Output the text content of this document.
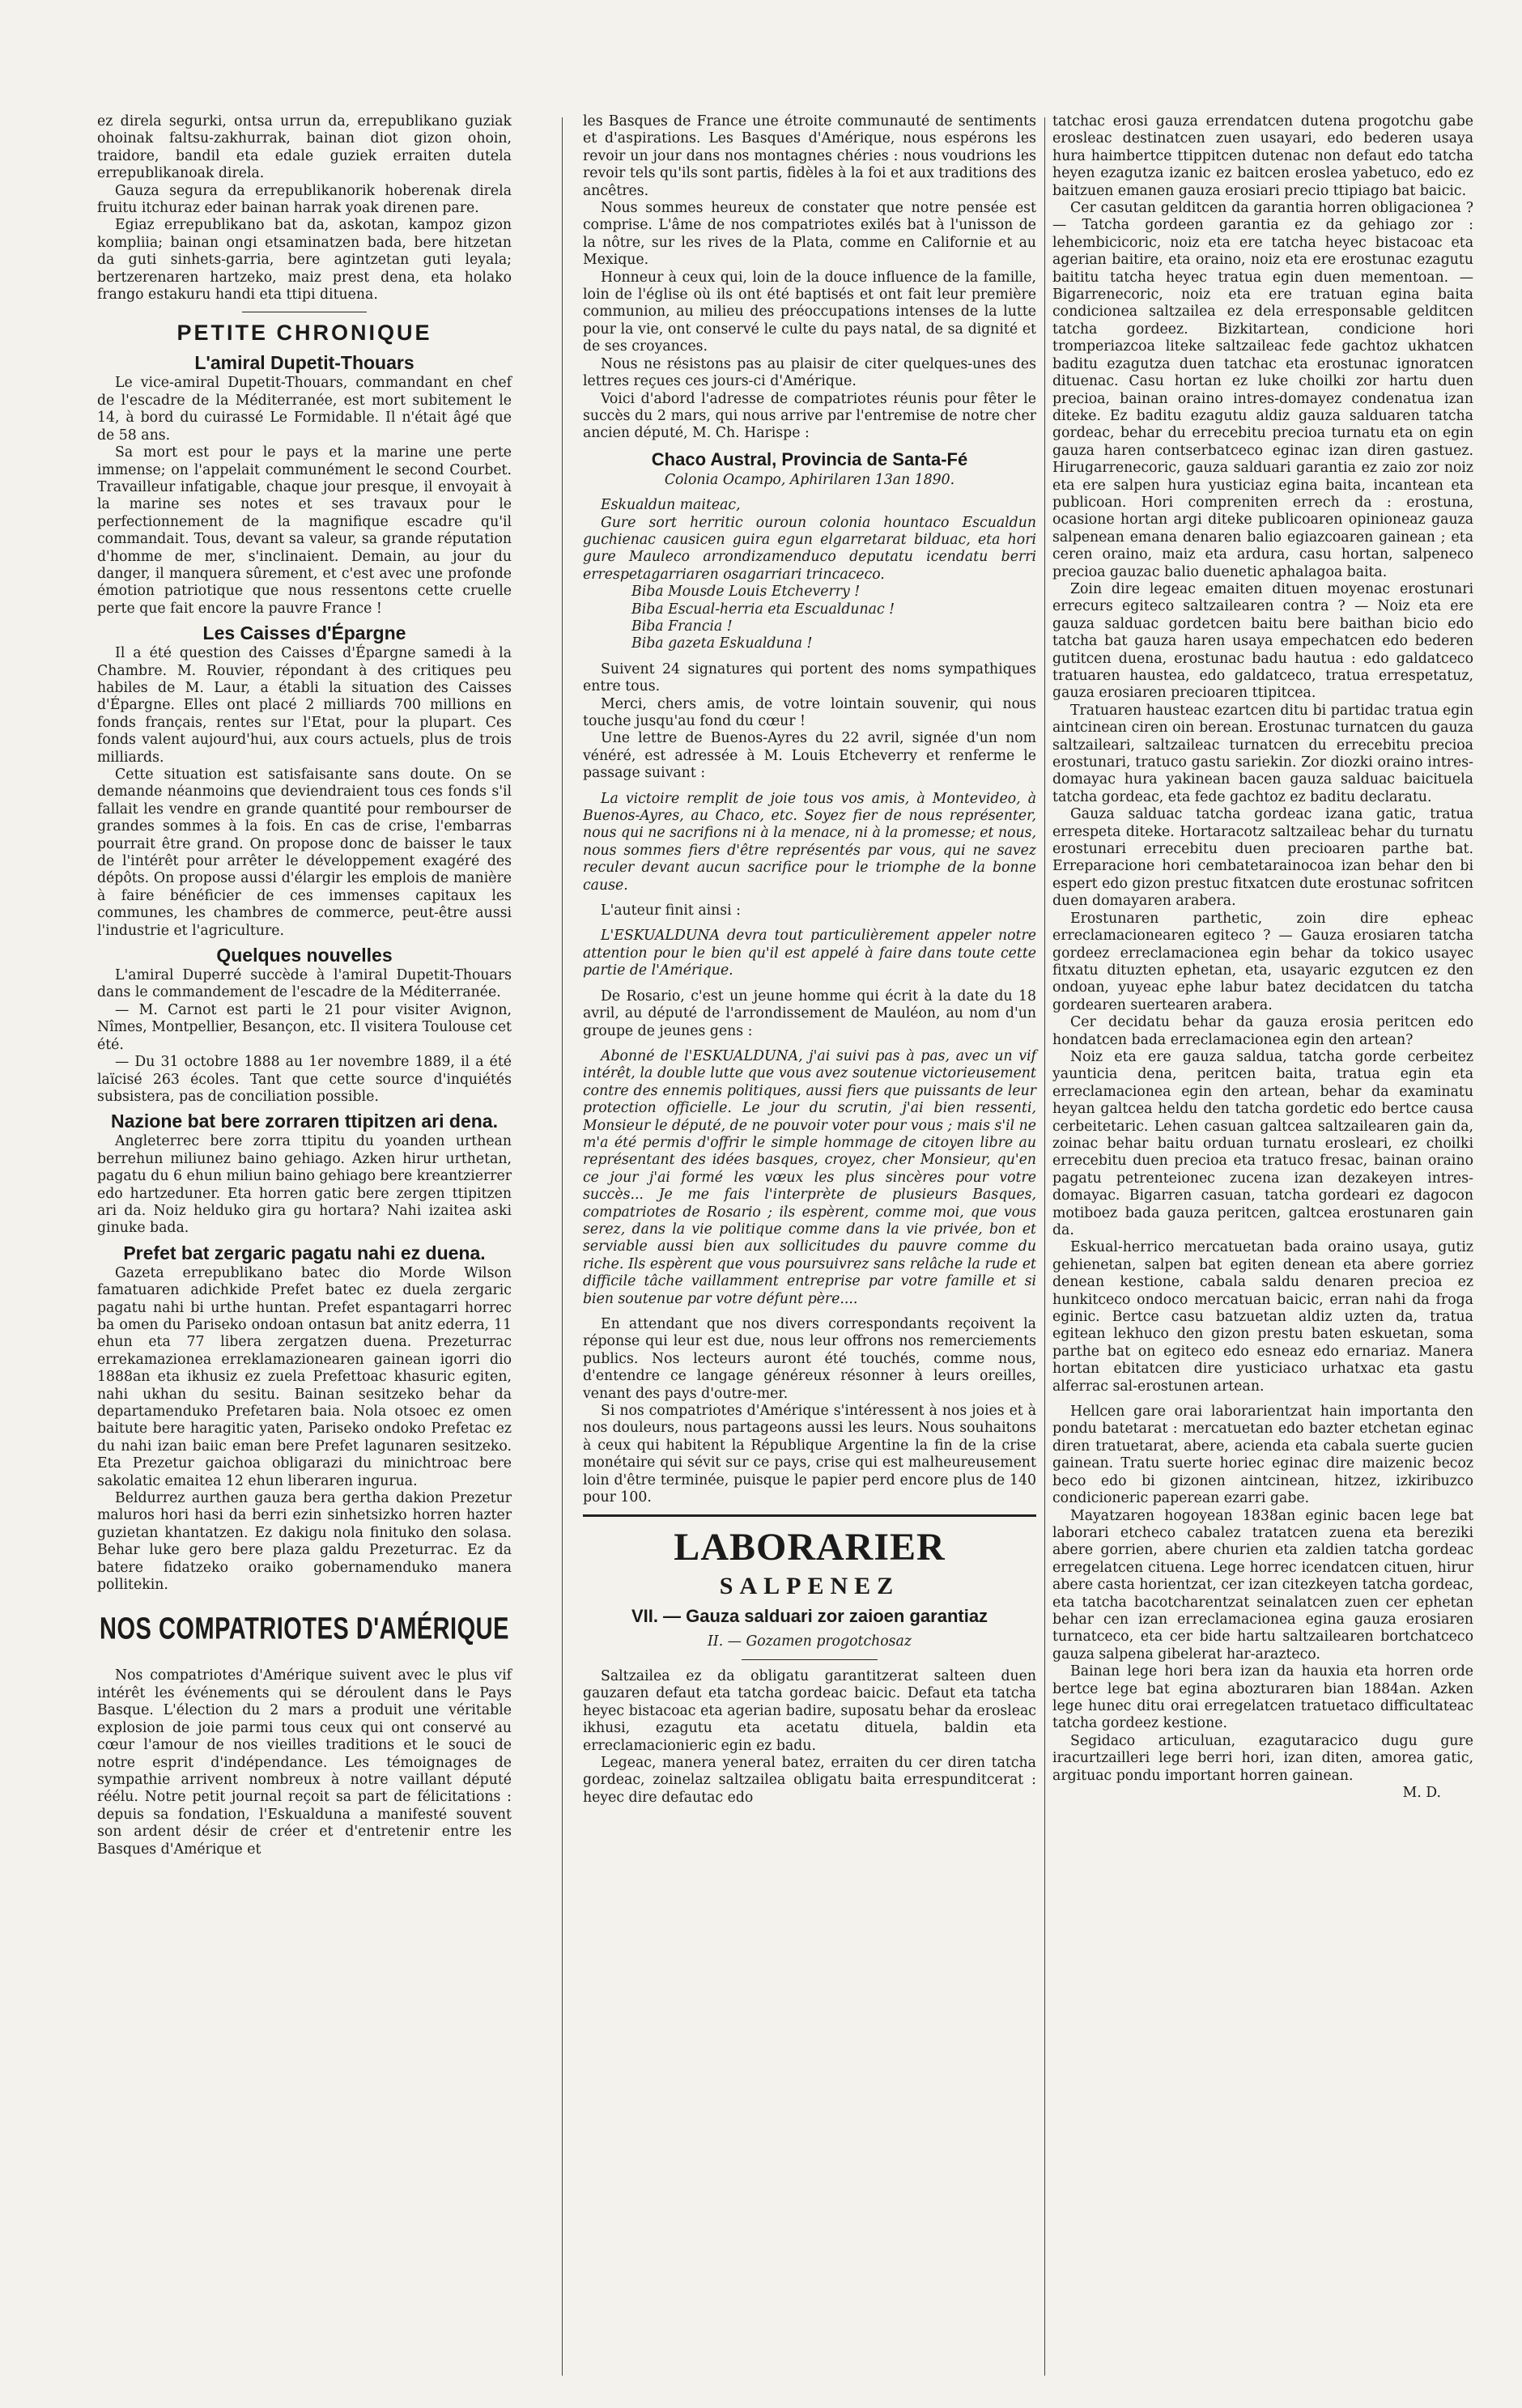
ez direla segurki, ontsa urrun da, errepublikano guziak ohoinak faltsu-zakhurrak, bainan diot gizon ohoin, traidore, bandil eta edale guziek erraiten dutela errepublikanoak direla.

Gauza segura da errepublikanorik hoberenak direla fruitu itchuraz eder bainan harrak yoak direnen pare.

Egiaz errepublikano bat da, askotan, kampoz gizon kompliia; bainan ongi etsaminatzen bada, bere hitzetan da guti sinhets-garria, bere agintzetan guti leyala; bertzerenaren hartzeko, maiz prest dena, eta holako frango estakuru handi eta ttipi dituena.

PETITE CHRONIQUE
L'amiral Dupetit-Thouars

Le vice-amiral Dupetit-Thouars, commandant en chef de l'escadre de la Méditerranée, est mort subitement le 14, à bord du cuirassé Le Formidable. Il n'était âgé que de 58 ans.

Sa mort est pour le pays et la marine une perte immense; on l'appelait communément le second Courbet. Travailleur infatigable, chaque jour presque, il envoyait à la marine ses notes et ses travaux pour le perfectionnement de la magnifique escadre qu'il commandait. Tous, devant sa valeur, sa grande réputation d'homme de mer, s'inclinaient. Demain, au jour du danger, il manquera sûrement, et c'est avec une profonde émotion patriotique que nous ressentons cette cruelle perte que fait encore la pauvre France !

Les Caisses d'Épargne

Il a été question des Caisses d'Épargne samedi à la Chambre. M. Rouvier, répondant à des critiques peu habiles de M. Laur, a établi la situation des Caisses d'Épargne. Elles ont placé 2 milliards 700 millions en fonds français, rentes sur l'Etat, pour la plupart. Ces fonds valent aujourd'hui, aux cours actuels, plus de trois milliards.

Cette situation est satisfaisante sans doute. On se demande néanmoins que deviendraient tous ces fonds s'il fallait les vendre en grande quantité pour rembourser de grandes sommes à la fois. En cas de crise, l'embarras pourrait être grand. On propose donc de baisser le taux de l'intérêt pour arrêter le développement exagéré des dépôts. On propose aussi d'élargir les emplois de manière à faire bénéficier de ces immenses capitaux les communes, les chambres de commerce, peut-être aussi l'industrie et l'agriculture.

Quelques nouvelles

L'amiral Duperré succède à l'amiral Dupetit-Thouars dans le commandement de l'escadre de la Méditerranée.

— M. Carnot est parti le 21 pour visiter Avignon, Nîmes, Montpellier, Besançon, etc. Il visitera Toulouse cet été.

— Du 31 octobre 1888 au 1er novembre 1889, il a été laïcisé 263 écoles. Tant que cette source d'inquiétés subsistera, pas de conciliation possible.

Nazione bat bere zorraren ttipitzen ari dena.

Angleterrec bere zorra ttipitu du yoanden urthean berrehun miliunez baino gehiago. Azken hirur urthetan, pagatu du 6 ehun miliun baino gehiago bere kreantzierrer edo hartzeduner. Eta horren gatic bere zergen ttipitzen ari da. Noiz helduko gira gu hortara? Nahi izaitea aski ginuke bada.

Prefet bat zergaric pagatu nahi ez duena.

Gazeta errepublikano batec dio Morde Wilson famatuaren adichkide Prefet batec ez duela zergaric pagatu nahi bi urthe huntan. Prefet espantagarri horrec ba omen du Pariseko ondoan ontasun bat anitz ederra, 11 ehun eta 77 libera zergatzen duena. Prezeturrac errekamazionea erreklamazionearen gainean igorri dio 1888an eta ikhusiz ez zuela Prefettoac khasuric egiten, nahi ukhan du sesitu. Bainan sesitzeko behar da departamenduko Prefetaren baia. Nola otsoec ez omen baitute bere haragitic yaten, Pariseko ondoko Prefetac ez du nahi izan baiic eman bere Prefet lagunaren sesitzeko. Eta Prezetur gaichoa obligarazi du minichtroac bere sakolatic emaitea 12 ehun liberaren ingurua.

Beldurrez aurthen gauza bera gertha dakion Prezetur maluros hori hasi da berri ezin sinhetsizko horren hazter guzietan khantatzen. Ez dakigu nola finituko den solasa. Behar luke gero bere plaza galdu Prezeturrac. Ez da batere fidatzeko oraiko gobernamenduko manera pollitekin.

NOS COMPATRIOTES D'AMÉRIQUE

Nos compatriotes d'Amérique suivent avec le plus vif intérêt les événements qui se déroulent dans le Pays Basque. L'élection du 2 mars a produit une véritable explosion de joie parmi tous ceux qui ont conservé au cœur l'amour de nos vieilles traditions et le souci de notre esprit d'indépendance. Les témoignages de sympathie arrivent nombreux à notre vaillant député réélu. Notre petit journal reçoit sa part de félicitations : depuis sa fondation, l'Eskualduna a manifesté souvent son ardent désir de créer et d'entretenir entre les Basques d'Amérique et

les Basques de France une étroite communauté de sentiments et d'aspirations. Les Basques d'Amérique, nous espérons les revoir un jour dans nos montagnes chéries : nous voudrions les revoir tels qu'ils sont partis, fidèles à la foi et aux traditions des ancêtres.

Nous sommes heureux de constater que notre pensée est comprise. L'âme de nos compatriotes exilés bat à l'unisson de la nôtre, sur les rives de la Plata, comme en Californie et au Mexique.

Honneur à ceux qui, loin de la douce influence de la famille, loin de l'église où ils ont été baptisés et ont fait leur première communion, au milieu des préoccupations intenses de la lutte pour la vie, ont conservé le culte du pays natal, de sa dignité et de ses croyances.

Nous ne résistons pas au plaisir de citer quelques-unes des lettres reçues ces jours-ci d'Amérique.

Voici d'abord l'adresse de compatriotes réunis pour fêter le succès du 2 mars, qui nous arrive par l'entremise de notre cher ancien député, M. Ch. Harispe :

Chaco Austral, Provincia de Santa-Fé

Colonia Ocampo, Aphirilaren 13an 1890.

Eskualdun maiteac,

Gure sort herritic ouroun colonia hountaco Escualdun guchienac causicen guira egun elgarretarat bilduac, eta hori gure Mauleco arrondizamenduco deputatu icendatu berri errespetagarriaren osagarriari trincaceco.

Biba Mousde Louis Etcheverry !

Biba Escual-herria eta Escualdunac !

Biba Francia !

Biba gazeta Eskualduna !

Suivent 24 signatures qui portent des noms sympathiques entre tous.

Merci, chers amis, de votre lointain souvenir, qui nous touche jusqu'au fond du cœur !

Une lettre de Buenos-Ayres du 22 avril, signée d'un nom vénéré, est adressée à M. Louis Etcheverry et renferme le passage suivant :

La victoire remplit de joie tous vos amis, à Montevideo, à Buenos-Ayres, au Chaco, etc. Soyez fier de nous représenter, nous qui ne sacrifions ni à la menace, ni à la promesse; et nous, nous sommes fiers d'être représentés par vous, qui ne savez reculer devant aucun sacrifice pour le triomphe de la bonne cause.

L'auteur finit ainsi :

L'ESKUALDUNA devra tout particulièrement appeler notre attention pour le bien qu'il est appelé à faire dans toute cette partie de l'Amérique.

De Rosario, c'est un jeune homme qui écrit à la date du 18 avril, au député de l'arrondissement de Mauléon, au nom d'un groupe de jeunes gens :

Abonné de l'ESKUALDUNA, j'ai suivi pas à pas, avec un vif intérêt, la double lutte que vous avez soutenue victorieusement contre des ennemis politiques, aussi fiers que puissants de leur protection officielle. Le jour du scrutin, j'ai bien ressenti, Monsieur le député, de ne pouvoir voter pour vous ; mais s'il ne m'a été permis d'offrir le simple hommage de citoyen libre au représentant des idées basques, croyez, cher Monsieur, qu'en ce jour j'ai formé les vœux les plus sincères pour votre succès... Je me fais l'interprète de plusieurs Basques, compatriotes de Rosario ; ils espèrent, comme moi, que vous serez, dans la vie politique comme dans la vie privée, bon et serviable aussi bien aux sollicitudes du pauvre comme du riche. Ils espèrent que vous poursuivrez sans relâche la rude et difficile tâche vaillamment entreprise par votre famille et si bien soutenue par votre défunt père....

En attendant que nos divers correspondants reçoivent la réponse qui leur est due, nous leur offrons nos remerciements publics. Nos lecteurs auront été touchés, comme nous, d'entendre ce langage généreux résonner à leurs oreilles, venant des pays d'outre-mer.

Si nos compatriotes d'Amérique s'intéressent à nos joies et à nos douleurs, nous partageons aussi les leurs. Nous souhaitons à ceux qui habitent la République Argentine la fin de la crise monétaire qui sévit sur ce pays, crise qui est malheureusement loin d'être terminée, puisque le papier perd encore plus de 140 pour 100.

LABORARIER
SALPENEZ
VII. — Gauza salduari zor zaioen garantiaz

II. — Gozamen progotchosaz

Saltzailea ez da obligatu garantitzerat salteen duen gauzaren defaut eta tatcha gordeac baicic. Defaut eta tatcha heyec bistacoac eta agerian badire, suposatu behar da erosleac ikhusi, ezagutu eta acetatu dituela, baldin eta erreclamacionieric egin ez badu.

Legeac, manera yeneral batez, erraiten du cer diren tatcha gordeac, zoinelaz saltzailea obligatu baita errespunditcerat : heyec dire defautac edo

tatchac erosi gauza errendatcen dutena progotchu gabe erosleac destinatcen zuen usayari, edo bederen usaya hura haimbertce ttippitcen dutenac non defaut edo tatcha heyen ezagutza izanic ez baitcen eroslea yabetuco, edo ez baitzuen emanen gauza erosiari precio ttipiago bat baicic.

Cer casutan gelditcen da garantia horren obligacionea ? — Tatcha gordeen garantia ez da gehiago zor : lehembicicoric, noiz eta ere tatcha heyec bistacoac eta agerian baitire, eta oraino, noiz eta ere erostunac ezagutu baititu tatcha heyec tratua egin duen mementoan. — Bigarrenecoric, noiz eta ere tratuan egina baita condicionea saltzailea ez dela erresponsable gelditcen tatcha gordeez. Bizkitartean, condicione hori tromperiazcoa liteke saltzaileac fede gachtoz ukhatcen baditu ezagutza duen tatchac eta erostunac ignoratcen dituenac. Casu hortan ez luke choilki zor hartu duen precioa, bainan oraino intres-domayez condenatua izan diteke. Ez baditu ezagutu aldiz gauza salduaren tatcha gordeac, behar du errecebitu precioa turnatu eta on egin gauza haren contserbatceco eginac izan diren gastuez. Hirugarrenecoric, gauza salduari garantia ez zaio zor noiz eta ere salpen hura yusticiaz egina baita, incantean eta publicoan. Hori compreniten errech da : erostuna, ocasione hortan argi diteke publicoaren opinioneaz gauza salpenean emana denaren balio egiazcoaren gainean ; eta ceren oraino, maiz eta ardura, casu hortan, salpeneco precioa gauzac balio duenetic aphalagoa baita.

Zoin dire legeac emaiten dituen moyenac erostunari errecurs egiteco saltzailearen contra ? — Noiz eta ere gauza salduac gordetcen baitu bere baithan bicio edo tatcha bat gauza haren usaya empechatcen edo bederen gutitcen duena, erostunac badu hautua : edo galdatceco tratuaren haustea, edo galdatceco, tratua errespetatuz, gauza erosiaren precioaren ttipitcea.

Tratuaren hausteac ezartcen ditu bi partidac tratua egin aintcinean ciren oin berean. Erostunac turnatcen du gauza saltzaileari, saltzaileac turnatcen du errecebitu precioa erostunari, tratuco gastu sariekin. Zor diozki oraino intres-domayac hura yakinean bacen gauza salduac baicituela tatcha gordeac, eta fede gachtoz ez baditu declaratu.

Gauza salduac tatcha gordeac izana gatic, tratua errespeta diteke. Hortaracotz saltzaileac behar du turnatu erostunari errecebitu duen precioaren parthe bat. Erreparacione hori cembatetarainocoa izan behar den bi espert edo gizon prestuc fitxatcen dute erostunac sofritcen duen domayaren arabera.

Erostunaren parthetic, zoin dire epheac erreclamacionearen egiteco ? — Gauza erosiaren tatcha gordeez erreclamacionea egin behar da tokico usayec fitxatu dituzten ephetan, eta, usayaric ezgutcen ez den ondoan, yuyeac ephe labur batez decidatcen du tatcha gordearen suertearen arabera.

Cer decidatu behar da gauza erosia peritcen edo hondatcen bada erreclamacionea egin den artean?

Noiz eta ere gauza saldua, tatcha gorde cerbeitez yaunticia dena, peritcen baita, tratua egin eta erreclamacionea egin den artean, behar da examinatu heyan galtcea heldu den tatcha gordetic edo bertce causa cerbeitetaric. Lehen casuan galtcea saltzailearen gain da, zoinac behar baitu orduan turnatu erosleari, ez choilki errecebitu duen precioa eta tratuco fresac, bainan oraino pagatu petrenteionec zucena izan dezakeyen intres-domayac. Bigarren casuan, tatcha gordeari ez dagocon motiboez bada gauza peritcen, galtcea erostunaren gain da.

Eskual-herrico mercatuetan bada oraino usaya, gutiz gehienetan, salpen bat egiten denean eta abere gorriez denean kestione, cabala saldu denaren precioa ez hunkitceco ondoco mercatuan baicic, erran nahi da froga eginic. Bertce casu batzuetan aldiz uzten da, tratua egitean lekhuco den gizon prestu baten eskuetan, soma parthe bat on egiteco edo esneaz edo ernariaz. Manera hortan ebitatcen dire yusticiaco urhatxac eta gastu alferrac sal-erostunen artean.

Hellcen gare orai laborarientzat hain importanta den pondu batetarat : mercatuetan edo bazter etchetan eginac diren tratuetarat, abere, acienda eta cabala suerte gucien gainean. Tratu suerte horiec eginac dire maizenic becoz beco edo bi gizonen aintcinean, hitzez, izkiribuzco condicioneric paperean ezarri gabe.

Mayatzaren hogoyean 1838an eginic bacen lege bat laborari etcheco cabalez tratatcen zuena eta bereziki abere gorrien, abere churien eta zaldien tatcha gordeac erregelatcen cituena. Lege horrec icendatcen cituen, hirur abere casta horientzat, cer izan citezkeyen tatcha gordeac, eta tatcha bacotcharentzat seinalatcen zuen cer ephetan behar cen izan erreclamacionea egina gauza erosiaren turnatceco, eta cer bide hartu saltzailearen bortchatceco gauza salpena gibelerat har-arazteco.

Bainan lege hori bera izan da hauxia eta horren orde bertce lege bat egina abozturaren bian 1884an. Azken lege hunec ditu orai erregelatcen tratuetaco difficultateac tatcha gordeez kestione.

Segidaco articuluan, ezagutaracico dugu gure iracurtzailleri lege berri hori, izan diten, amorea gatic, argituac pondu important horren gainean.

M. D.
